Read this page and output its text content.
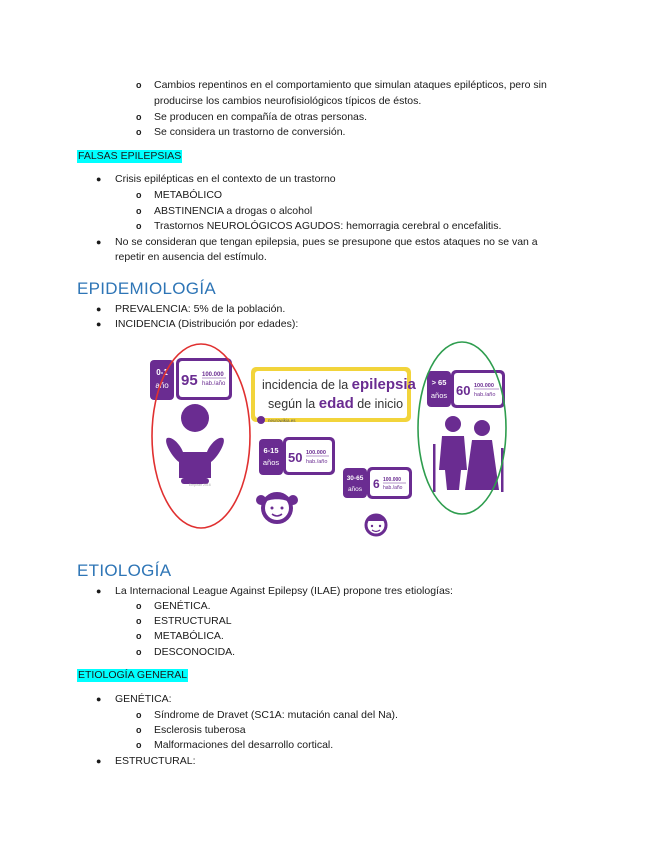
o Cambios repentinos en el comportamiento que simulan ataques epilépticos, pero sin
producirse los cambios neurofisiológicos típicos de éstos.
o Se producen en compañía de otras personas.
o Se considera un trastorno de conversión.
FALSAS EPILEPSIAS
● Crisis epilépticas en el contexto de un trastorno
o METABÓLICO
o ABSTINENCIA a drogas o alcohol
o Trastornos NEUROLÓGICOS AGUDOS: hemorragia cerebral o encefalitis.
● No se consideran que tengan epilepsia, pues se presupone que estos ataques no se van a
repetir en ausencia del estímulo.
EPIDEMIOLOGÍA
● PREVALENCIA: 5% de la población.
● INCIDENCIA (Distribución por edades):
incidencia de la epilepsia
según la edad de inicio
neurowikia.es
0-1
año 95 100.000
hab./año
Empiran 2016
6-15
años 50 100.000
hab./año
30-65
años 6 100.000
hab./año
> 65
años 60 100.000
hab./año
ETIOLOGÍA
● La Internacional League Against Epilepsy (ILAE) propone tres etiologías:
o GENÉTICA.
o ESTRUCTURAL
o METABÓLICA.
o DESCONOCIDA.
ETIOLOGÍA GENERAL
● GENÉTICA:
o Síndrome de Dravet (SC1A: mutación canal del Na).
o Esclerosis tuberosa
o Malformaciones del desarrollo cortical.
● ESTRUCTURAL:
